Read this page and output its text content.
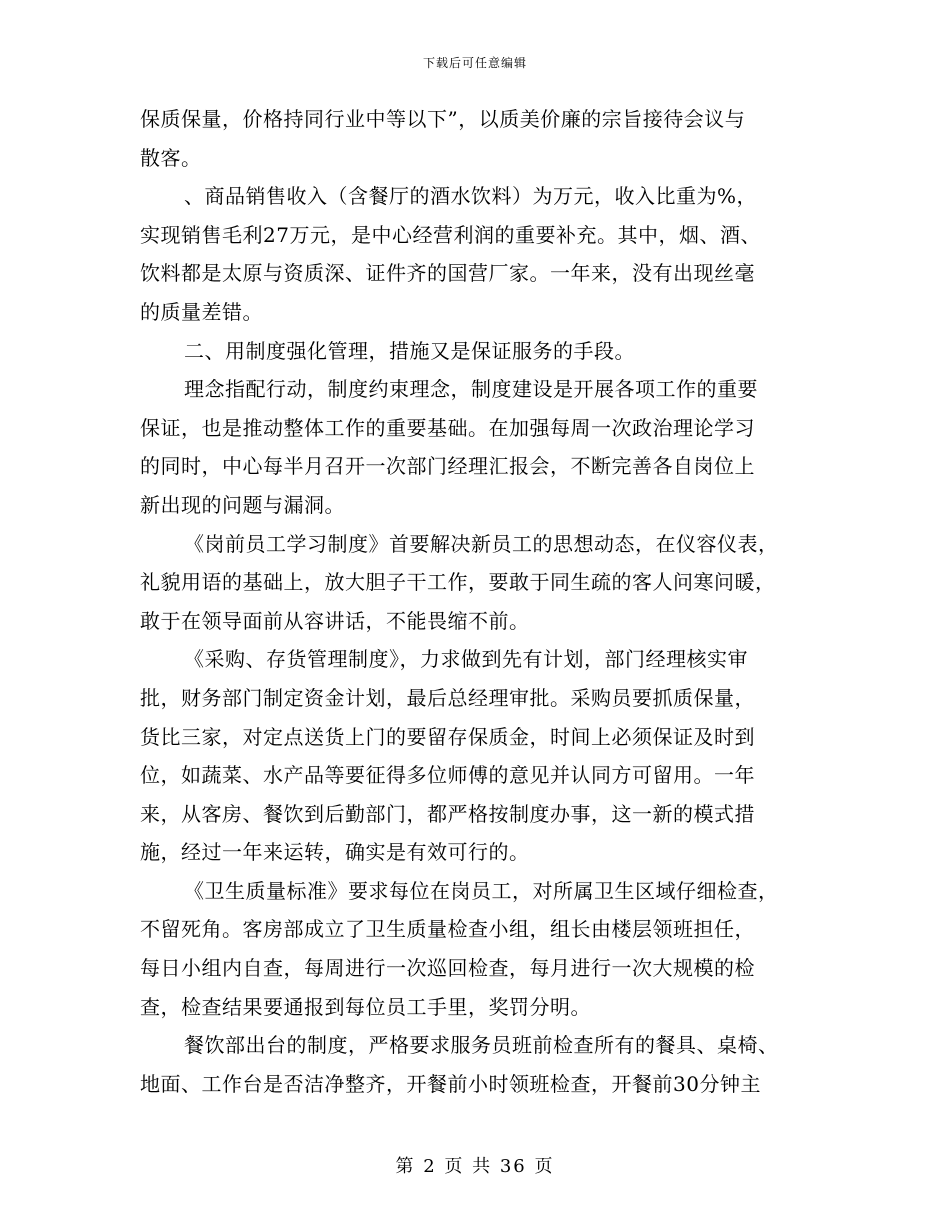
下载后可任意编辑
保质保量，价格持同行业中等以下”，以质美价廉的宗旨接待会议与
散客。
、商品销售收入（含餐厅的酒水饮料）为万元，收入比重为%，
实现销售毛利27万元，是中心经营利润的重要补充。其中，烟、酒、
饮料都是太原与资质深、证件齐的国营厂家。一年来，没有出现丝毫
的质量差错。
二、用制度强化管理，措施又是保证服务的手段。
理念指配行动，制度约束理念，制度建设是开展各项工作的重要
保证，也是推动整体工作的重要基础。在加强每周一次政治理论学习
的同时，中心每半月召开一次部门经理汇报会，不断完善各自岗位上
新出现的问题与漏洞。
《岗前员工学习制度》首要解决新员工的思想动态，在仪容仪表，
礼貌用语的基础上，放大胆子干工作，要敢于同生疏的客人问寒问暖，
敢于在领导面前从容讲话，不能畏缩不前。
《采购、存货管理制度》，力求做到先有计划，部门经理核实审
批，财务部门制定资金计划，最后总经理审批。采购员要抓质保量，
货比三家，对定点送货上门的要留存保质金，时间上必须保证及时到
位，如蔬菜、水产品等要征得多位师傅的意见并认同方可留用。一年
来，从客房、餐饮到后勤部门，都严格按制度办事，这一新的模式措
施，经过一年来运转，确实是有效可行的。
《卫生质量标准》要求每位在岗员工，对所属卫生区域仔细检查，
不留死角。客房部成立了卫生质量检查小组，组长由楼层领班担任，
每日小组内自查，每周进行一次巡回检查，每月进行一次大规模的检
查，检查结果要通报到每位员工手里，奖罚分明。
餐饮部出台的制度，严格要求服务员班前检查所有的餐具、桌椅、
地面、工作台是否洁净整齐，开餐前小时领班检查，开餐前30分钟主
第 2 页 共 36 页
